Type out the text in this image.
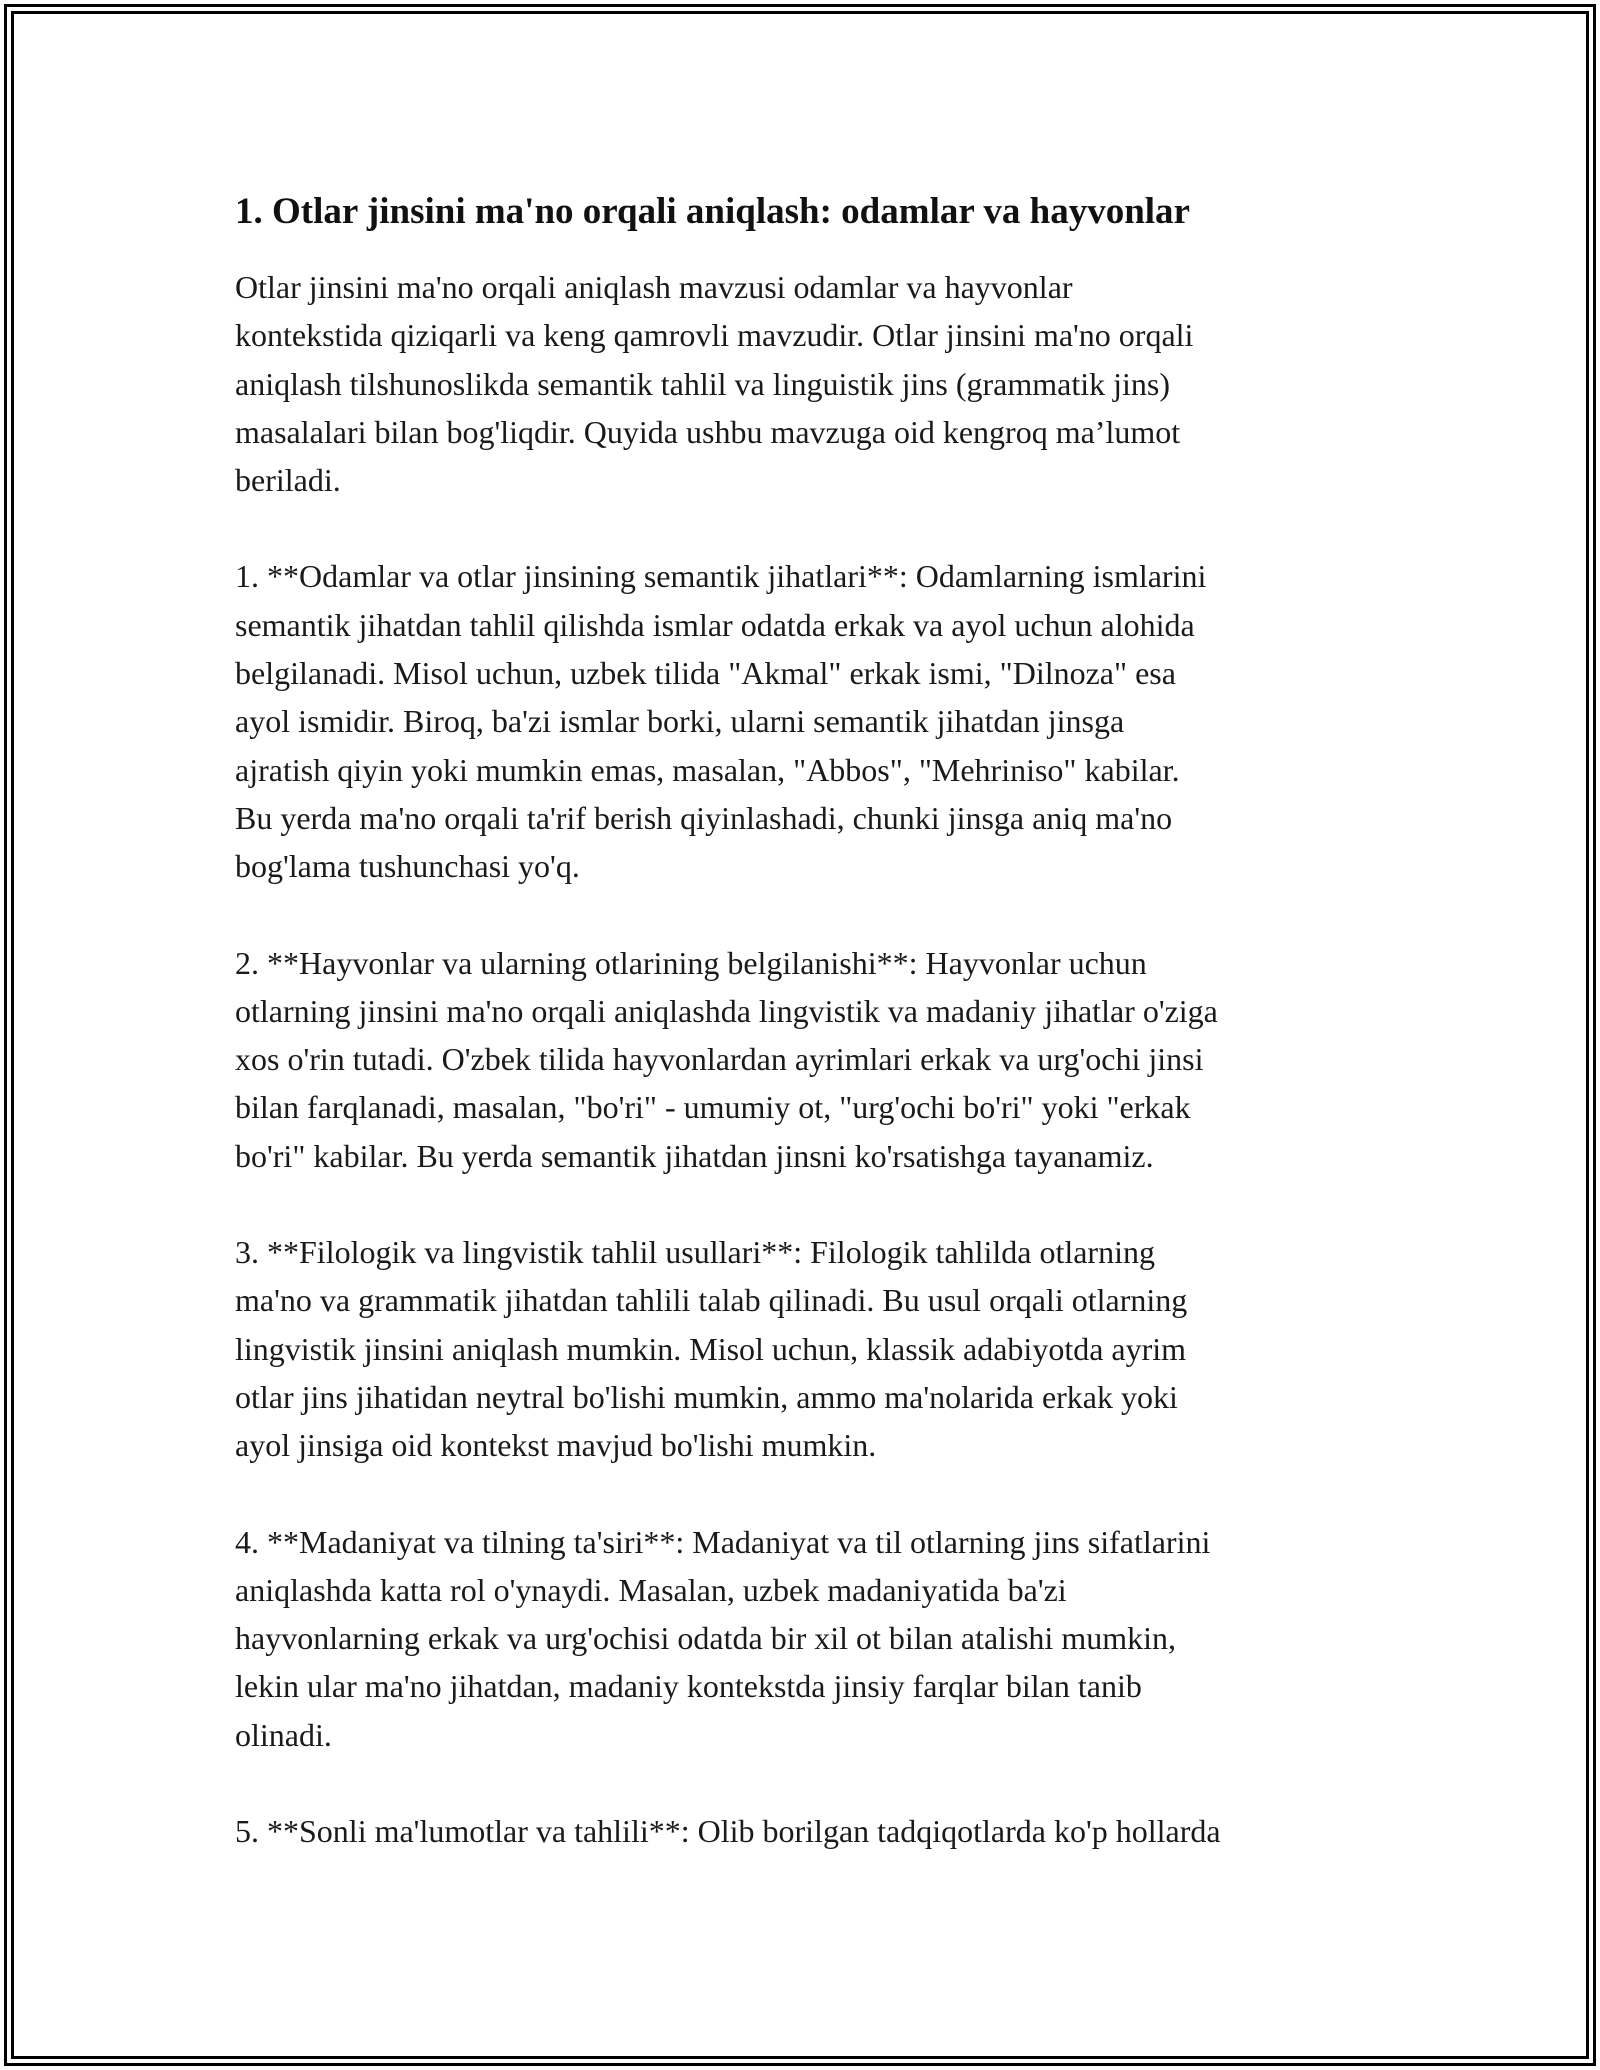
1. Otlar jinsini ma'no orqali aniqlash: odamlar va hayvonlar
Otlar jinsini ma'no orqali aniqlash mavzusi odamlar va hayvonlar
kontekstida qiziqarli va keng qamrovli mavzudir. Otlar jinsini ma'no orqali
aniqlash tilshunoslikda semantik tahlil va linguistik jins (grammatik jins)
masalalari bilan bog'liqdir. Quyida ushbu mavzuga oid kengroq ma’lumot
beriladi.
1. **Odamlar va otlar jinsining semantik jihatlari**: Odamlarning ismlarini
semantik jihatdan tahlil qilishda ismlar odatda erkak va ayol uchun alohida
belgilanadi. Misol uchun, uzbek tilida "Akmal" erkak ismi, "Dilnoza" esa
ayol ismidir. Biroq, ba'zi ismlar borki, ularni semantik jihatdan jinsga
ajratish qiyin yoki mumkin emas, masalan, "Abbos", "Mehriniso" kabilar.
Bu yerda ma'no orqali ta'rif berish qiyinlashadi, chunki jinsga aniq ma'no
bog'lama tushunchasi yo'q.
2. **Hayvonlar va ularning otlarining belgilanishi**: Hayvonlar uchun
otlarning jinsini ma'no orqali aniqlashda lingvistik va madaniy jihatlar o'ziga
xos o'rin tutadi. O'zbek tilida hayvonlardan ayrimlari erkak va urg'ochi jinsi
bilan farqlanadi, masalan, "bo'ri" - umumiy ot, "urg'ochi bo'ri" yoki "erkak
bo'ri" kabilar. Bu yerda semantik jihatdan jinsni ko'rsatishga tayanamiz.
3. **Filologik va lingvistik tahlil usullari**: Filologik tahlilda otlarning
ma'no va grammatik jihatdan tahlili talab qilinadi. Bu usul orqali otlarning
lingvistik jinsini aniqlash mumkin. Misol uchun, klassik adabiyotda ayrim
otlar jins jihatidan neytral bo'lishi mumkin, ammo ma'nolarida erkak yoki
ayol jinsiga oid kontekst mavjud bo'lishi mumkin.
4. **Madaniyat va tilning ta'siri**: Madaniyat va til otlarning jins sifatlarini
aniqlashda katta rol o'ynaydi. Masalan, uzbek madaniyatida ba'zi
hayvonlarning erkak va urg'ochisi odatda bir xil ot bilan atalishi mumkin,
lekin ular ma'no jihatdan, madaniy kontekstda jinsiy farqlar bilan tanib
olinadi.
5. **Sonli ma'lumotlar va tahlili**: Olib borilgan tadqiqotlarda ko'p hollarda
